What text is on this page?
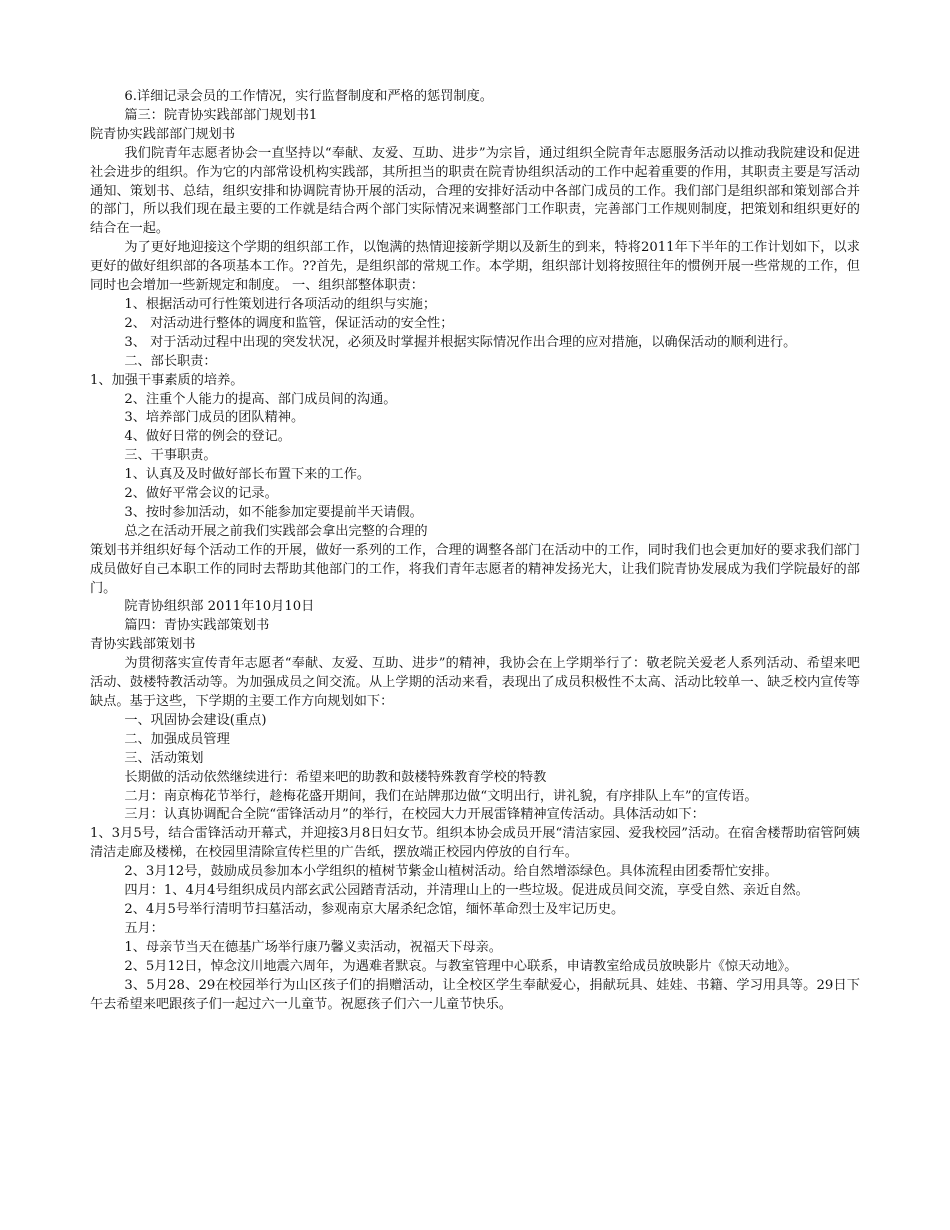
6.详细记录会员的工作情况，实行监督制度和严格的惩罚制度。

篇三：院青协实践部部门规划书1

院青协实践部部门规划书

我们院青年志愿者协会一直坚持以“奉献、友爱、互助、进步”为宗旨，通过组织全院青年志愿服务活动以推动我院建设和促进社会进步的组织。作为它的内部常设机构实践部，其所担当的职责在院青协组织活动的工作中起着重要的作用，其职责主要是写活动通知、策划书、总结，组织安排和协调院青协开展的活动，合理的安排好活动中各部门成员的工作。我们部门是组织部和策划部合并的部门，所以我们现在最主要的工作就是结合两个部门实际情况来调整部门工作职责，完善部门工作规则制度，把策划和组织更好的结合在一起。

为了更好地迎接这个学期的组织部工作，以饱满的热情迎接新学期以及新生的到来，特将2011年下半年的工作计划如下，以求更好的做好组织部的各项基本工作。??首先，是组织部的常规工作。本学期，组织部计划将按照往年的惯例开展一些常规的工作，但同时也会增加一些新规定和制度。 一、组织部整体职责：

1、根据活动可行性策划进行各项活动的组织与实施；

2、 对活动进行整体的调度和监管，保证活动的安全性；

3、 对于活动过程中出现的突发状况，必须及时掌握并根据实际情况作出合理的应对措施，以确保活动的顺利进行。

二、部长职责：

1、加强干事素质的培养。

2、注重个人能力的提高、部门成员间的沟通。

3、培养部门成员的团队精神。

4、做好日常的例会的登记。

三、干事职责。

1、认真及及时做好部长布置下来的工作。

2、做好平常会议的记录。

3、按时参加活动，如不能参加定要提前半天请假。

总之在活动开展之前我们实践部会拿出完整的合理的

策划书并组织好每个活动工作的开展，做好一系列的工作，合理的调整各部门在活动中的工作，同时我们也会更加好的要求我们部门成员做好自己本职工作的同时去帮助其他部门的工作，将我们青年志愿者的精神发扬光大，让我们院青协发展成为我们学院最好的部门。

院青协组织部 2011年10月10日

篇四：青协实践部策划书

青协实践部策划书

为贯彻落实宣传青年志愿者“奉献、友爱、互助、进步”的精神，我协会在上学期举行了：敬老院关爱老人系列活动、希望来吧活动、鼓楼特教活动等。为加强成员之间交流。从上学期的活动来看，表现出了成员积极性不太高、活动比较单一、缺乏校内宣传等缺点。基于这些，下学期的主要工作方向规划如下：

一、巩固协会建设(重点)

二、加强成员管理

三、活动策划

长期做的活动依然继续进行：希望来吧的助教和鼓楼特殊教育学校的特教

二月：南京梅花节举行，趁梅花盛开期间，我们在站牌那边做“文明出行，讲礼貌，有序排队上车”的宣传语。

三月：认真协调配合全院“雷锋活动月”的举行，在校园大力开展雷锋精神宣传活动。具体活动如下：

1、3月5号，结合雷锋活动开幕式，并迎接3月8日妇女节。组织本协会成员开展“清洁家园、爱我校园”活动。在宿舍楼帮助宿管阿姨清洁走廊及楼梯，在校园里清除宣传栏里的广告纸，摆放端正校园内停放的自行车。

2、3月12号，鼓励成员参加本小学组织的植树节紫金山植树活动。给自然增添绿色。具体流程由团委帮忙安排。

四月：1、4月4号组织成员内部玄武公园踏青活动，并清理山上的一些垃圾。促进成员间交流，享受自然、亲近自然。

2、4月5号举行清明节扫墓活动，参观南京大屠杀纪念馆，缅怀革命烈士及牢记历史。

五月：

1、母亲节当天在德基广场举行康乃馨义卖活动，祝福天下母亲。

2、5月12日，悼念汶川地震六周年，为遇难者默哀。与教室管理中心联系，申请教室给成员放映影片《惊天动地》。

3、5月28、29在校园举行为山区孩子们的捐赠活动，让全校区学生奉献爱心，捐献玩具、娃娃、书籍、学习用具等。29日下午去希望来吧跟孩子们一起过六一儿童节。祝愿孩子们六一儿童节快乐。
